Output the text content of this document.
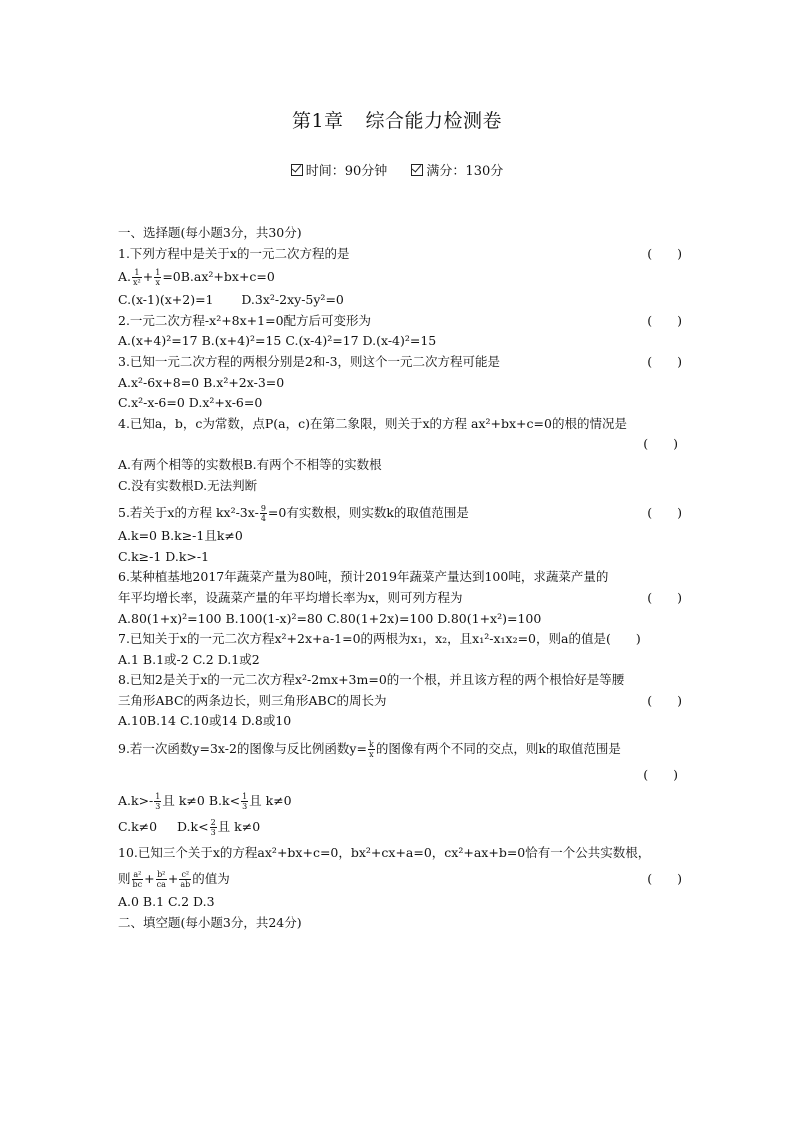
第1章 综合能力检测卷
时间：90分钟	满分：130分
一、选择题(每小题3分，共30分)
1.下列方程中是关于x的一元二次方程的是	(　　)
A. $\frac{1}{\text{x²}} + \frac{1}{x} =0B.ax^2+bx+c=0$
C.(x-1)(x+2)=1 D.3x²-2xy-5y²=0
2.一元二次方程-x²+8x+1=0配方后可变形为	(　　)
A.(x+4)²=17 B.(x+4)²=15 C.(x-4)²=17 D.(x-4)²=15
3.已知一元二次方程的两根分别是2和-3，则这个一元二次方程可能是	(　　)
A.x²-6x+8=0 B.x²+2x-3=0
C.x²-x-6=0 D.x²+x-6=0
4.已知a，b，c为常数，点P(a，c)在第二象限，则关于x的方程 ax²+bx+c=0的根的情况是
(　　)
A.有两个相等的实数根B.有两个不相等的实数根
C.没有实数根D.无法判断
5.若关于x的方程 $kx^2-3x- \frac{9}{4} =0$有实数根，则实数k的取值范围是	(　　)
A.k=0 B.k≥-1且k≠0
C.k≥-1 D.k>-1
6.某种植基地2017年蔬菜产量为80吨，预计2019年蔬菜产量达到100吨，求蔬菜产量的
年平均增长率，设蔬菜产量的年平均增长率为x，则可列方程为	(　　)
A.80(1+x)²=100 B.100(1-x)²=80 C.80(1+2x)=100 D.80(1+x²)=100
7.已知关于x的一元二次方程x²+2x+a-1=0的两根为x₁，x₂，且x₁²-x₁x₂=0，则a的值是(　　)
A.1 B.1或-2 C.2 D.1或2
8.已知2是关于x的一元二次方程x²-2mx+3m=0的一个根，并且该方程的两个根恰好是等腰
三角形ABC的两条边长，则三角形ABC的周长为	(　　)
A.10B.14 C.10或14 D.8或10
9.若一次函数y=3x-2的图像与反比例函数$y= \frac{k}{x}$ 的图像有两个不同的交点，则k的取值范围是
(　　)
$A.k>- \frac{1}{3}$ 且 k≠0 $B.k< \frac{1}{3}$ 且 k≠0
C.k≠0 $D.k< \frac{2}{3}$ 且 k≠0
10.已知三个关于x的方程ax²+bx+c=0，bx²+cx+a=0，cx²+ax+b=0恰有一个公共实数根，
则 $\frac{\text{a²}}{bc} + \frac{\text{b²}}{ca} + \frac{\text{c²}}{ab}$ 的值为	(　　)
A.0 B.1 C.2 D.3
二、填空题(每小题3分，共24分)
